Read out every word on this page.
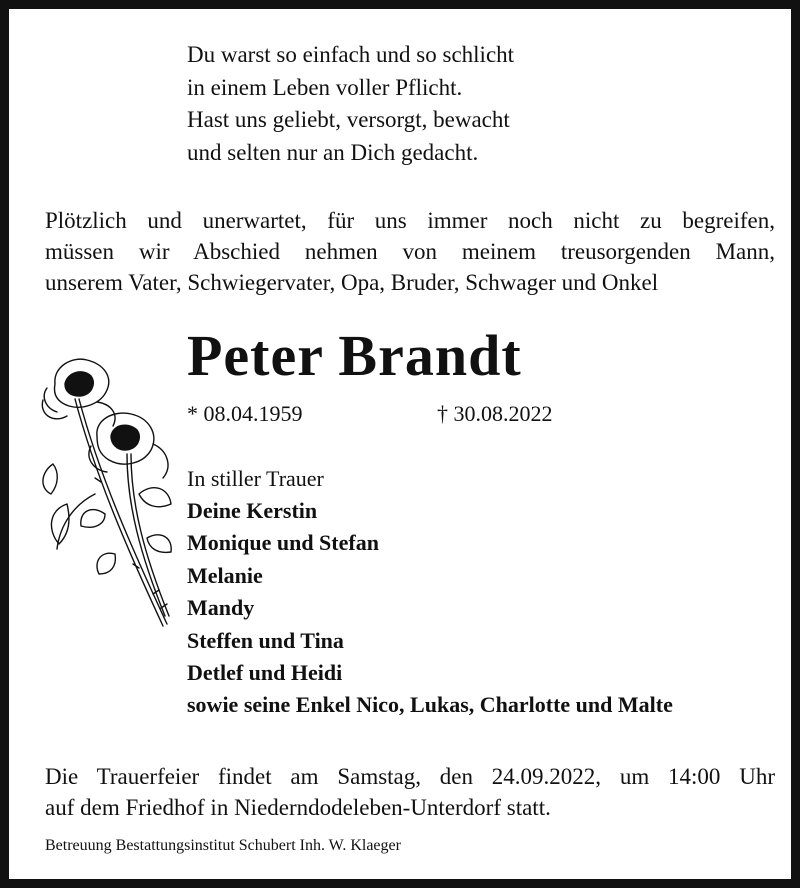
Du warst so einfach und so schlicht
in einem Leben voller Pflicht.
Hast uns geliebt, versorgt, bewacht
und selten nur an Dich gedacht.
Plötzlich und unerwartet, für uns immer noch nicht zu begreifen,
müssen wir Abschied nehmen von meinem treusorgenden Mann,
unserem Vater, Schwiegervater, Opa, Bruder, Schwager und Onkel
Peter Brandt
* 08.04.1959	† 30.08.2022
In stiller Trauer
Deine Kerstin
Monique und Stefan
Melanie
Mandy
Steffen und Tina
Detlef und Heidi
sowie seine Enkel Nico, Lukas, Charlotte und Malte
Die Trauerfeier findet am Samstag, den 24.09.2022, um 14:00 Uhr
auf dem Friedhof in Niederndodeleben-Unterdorf statt.
Betreuung Bestattungsinstitut Schubert Inh. W. Klaeger
